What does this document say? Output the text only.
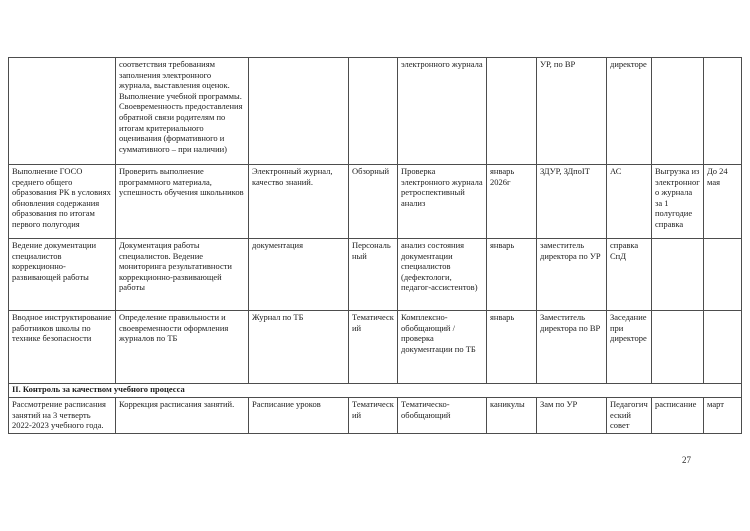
	соответствия требованиям заполнения электронного журнала, выставления оценок. Выполнение учебной программы. Своевременность предоставления обратной связи родителям по итогам критериального оценивания (формативного и суммативного – при наличии)			электронного журнала		УР, по ВР	директоре		
Выполнение ГОСО среднего общего образования РК в условиях обновления содержания образования по итогам первого полугодия	Проверить выполнение программного материала, успешность обучения школьников	Электронный журнал, качество знаний.	Обзорный	Проверка электронного журнала ретроспективный анализ	январь 2026г	ЗДУР, ЗДпоIT	АС	Выгрузка из электронного журнала за 1 полугодие справка	До 24 мая
Ведение документации специалистов коррекционно-развивающей работы	Документация работы специалистов. Ведение мониторинга результативности коррекционно-развивающей работы	документация	Персональный	анализ состояния документации специалистов (дефектологи, педагог-ассистентов)	январь	заместитель директора по УР	справка СпД		
Вводное инструктирование работников школы по технике безопасности	Определение правильности и своевременности оформления журналов по ТБ	Журнал по ТБ	Тематический	Комплексно-обобщающий / проверка документации по ТБ	январь	Заместитель директора по ВР	Заседание при директоре		
II. Контроль за качеством учебного процесса									
Рассмотрение расписания занятий на 3 четверть 2022-2023 учебного года.	Коррекция расписания занятий.	Расписание уроков	Тематический	Тематическо-обобщающий	каникулы	Зам по УР	Педагогический совет	расписание	март
27
